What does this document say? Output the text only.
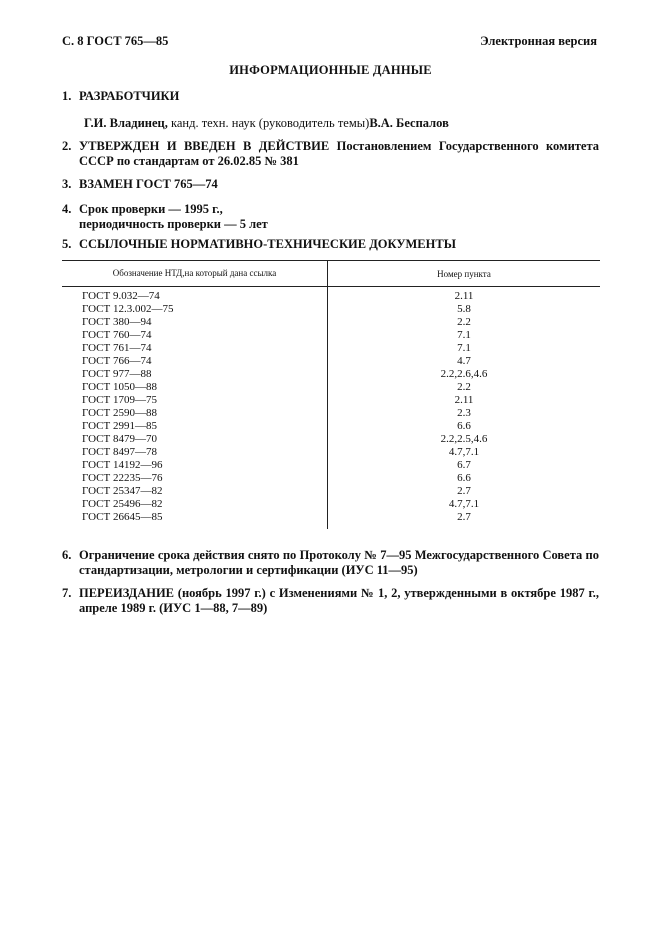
С. 8 ГОСТ 765—85	Электронная версия
ИНФОРМАЦИОННЫЕ ДАННЫЕ
1. РАЗРАБОТЧИКИ
Г.И. Владинец, канд. техн. наук (руководитель темы)В.А. Беспалов
2. УТВЕРЖДЕН И ВВЕДЕН В ДЕЙСТВИЕ Постановлением Государственного комитета СССР по стандартам от 26.02.85 № 381
3. ВЗАМЕН ГОСТ 765—74
4. Срок проверки — 1995 г.,
периодичность проверки — 5 лет
5. ССЫЛОЧНЫЕ НОРМАТИВНО-ТЕХНИЧЕСКИЕ ДОКУМЕНТЫ
Обозначение НТД,на который дана ссылка	Номер пункта
ГОСТ 9.032—74
ГОСТ 12.3.002—75
ГОСТ 380—94
ГОСТ 760—74
ГОСТ 761—74
ГОСТ 766—74
ГОСТ 977—88
ГОСТ 1050—88
ГОСТ 1709—75
ГОСТ 2590—88
ГОСТ 2991—85
ГОСТ 8479—70
ГОСТ 8497—78
ГОСТ 14192—96
ГОСТ 22235—76
ГОСТ 25347—82
ГОСТ 25496—82
ГОСТ 26645—85
2.11
5.8
2.2
7.1
7.1
4.7
2.2,2.6,4.6
2.2
2.11
2.3
6.6
2.2,2.5,4.6
4.7,7.1
6.7
6.6
2.7
4.7,7.1
2.7
6. Ограничение срока действия снято по Протоколу № 7—95 Межгосударственного Совета по стандартизации, метрологии и сертификации (ИУС 11—95)
7. ПЕРЕИЗДАНИЕ (ноябрь 1997 г.) с Изменениями № 1, 2, утвержденными в октябре 1987 г., апреле 1989 г. (ИУС 1—88, 7—89)
